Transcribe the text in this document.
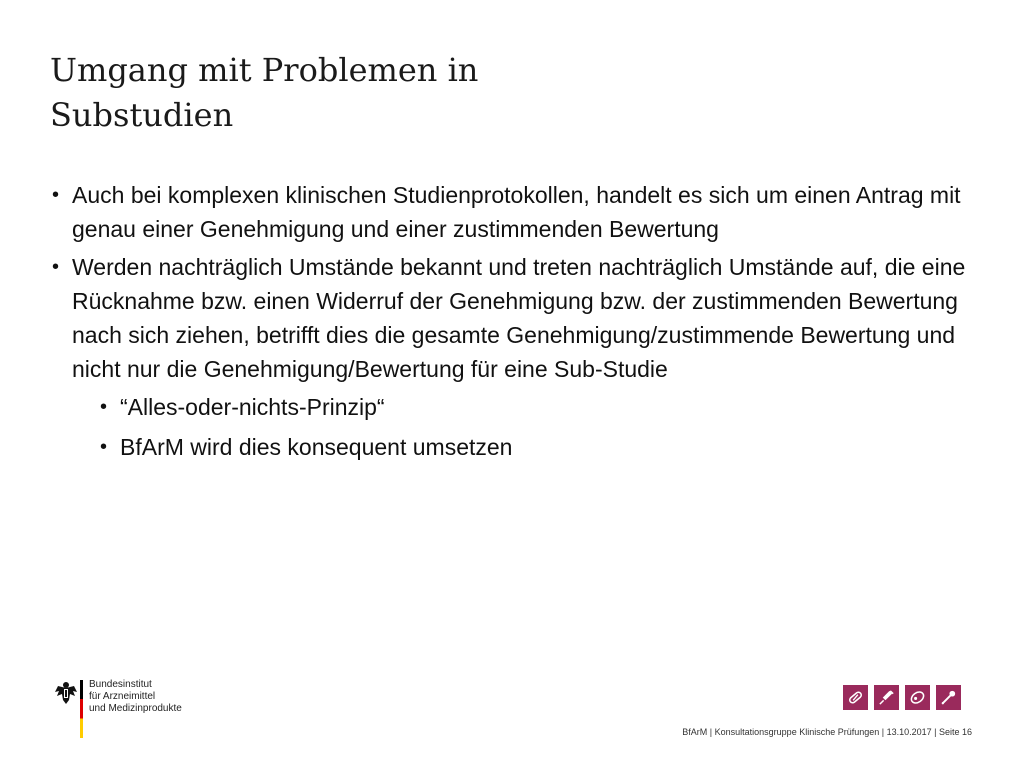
Umgang mit Problemen in
Substudien
• Auch bei komplexen klinischen Studienprotokollen, handelt es sich um einen Antrag mit genau einer Genehmigung und einer zustimmenden Bewertung
• Werden nachträglich Umstände bekannt und treten nachträglich Umstände auf, die eine Rücknahme bzw. einen Widerruf der Genehmigung bzw. der zustimmenden Bewertung nach sich ziehen, betrifft dies die gesamte Genehmigung/zustimmende Bewertung und nicht nur die Genehmigung/Bewertung für eine Sub-Studie
• “Alles-oder-nichts-Prinzip“
• BfArM wird dies konsequent umsetzen
Bundesinstitut
für Arzneimittel
und Medizinprodukte
BfArM | Konsultationsgruppe Klinische Prüfungen | 13.10.2017 | Seite 16
